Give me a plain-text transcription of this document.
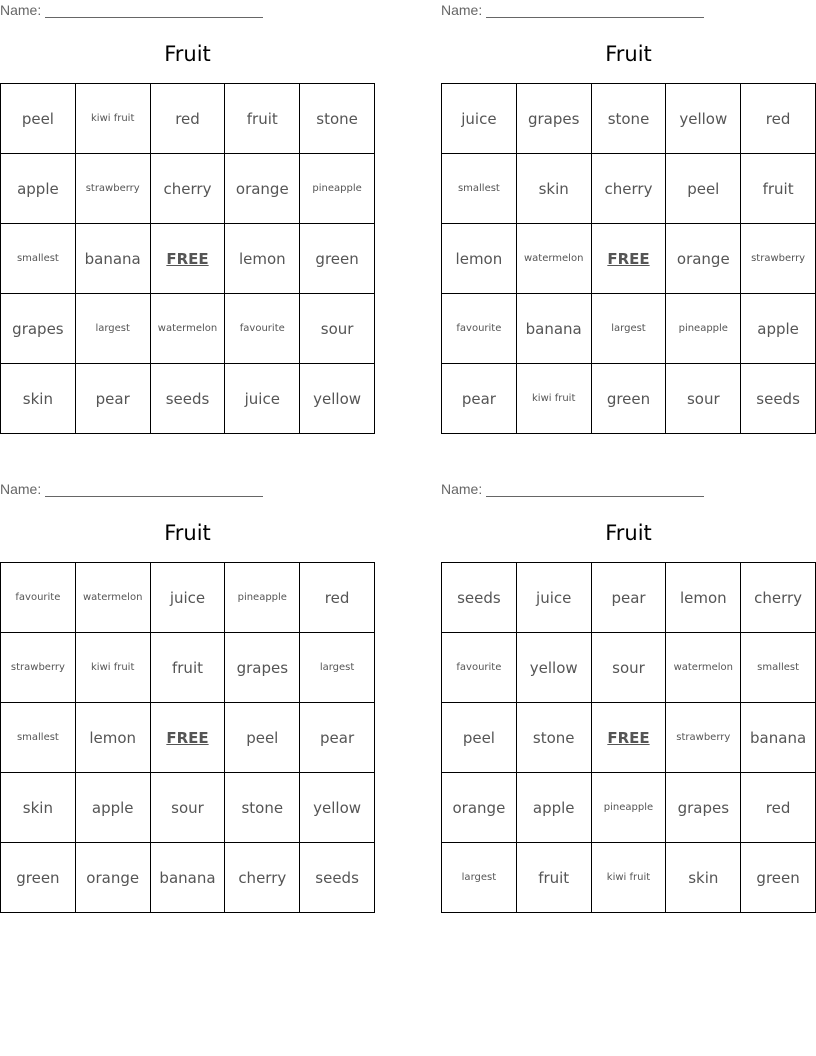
Name:
Fruit
peel	kiwi fruit	red	fruit	stone
apple	strawberry	cherry	orange	pineapple
smallest	banana	FREE	lemon	green
grapes	largest	watermelon	favourite	sour
skin	pear	seeds	juice	yellow
Name:
Fruit
juice	grapes	stone	yellow	red
smallest	skin	cherry	peel	fruit
lemon	watermelon	FREE	orange	strawberry
favourite	banana	largest	pineapple	apple
pear	kiwi fruit	green	sour	seeds
Name:
Fruit
favourite	watermelon	juice	pineapple	red
strawberry	kiwi fruit	fruit	grapes	largest
smallest	lemon	FREE	peel	pear
skin	apple	sour	stone	yellow
green	orange	banana	cherry	seeds
Name:
Fruit
seeds	juice	pear	lemon	cherry
favourite	yellow	sour	watermelon	smallest
peel	stone	FREE	strawberry	banana
orange	apple	pineapple	grapes	red
largest	fruit	kiwi fruit	skin	green
